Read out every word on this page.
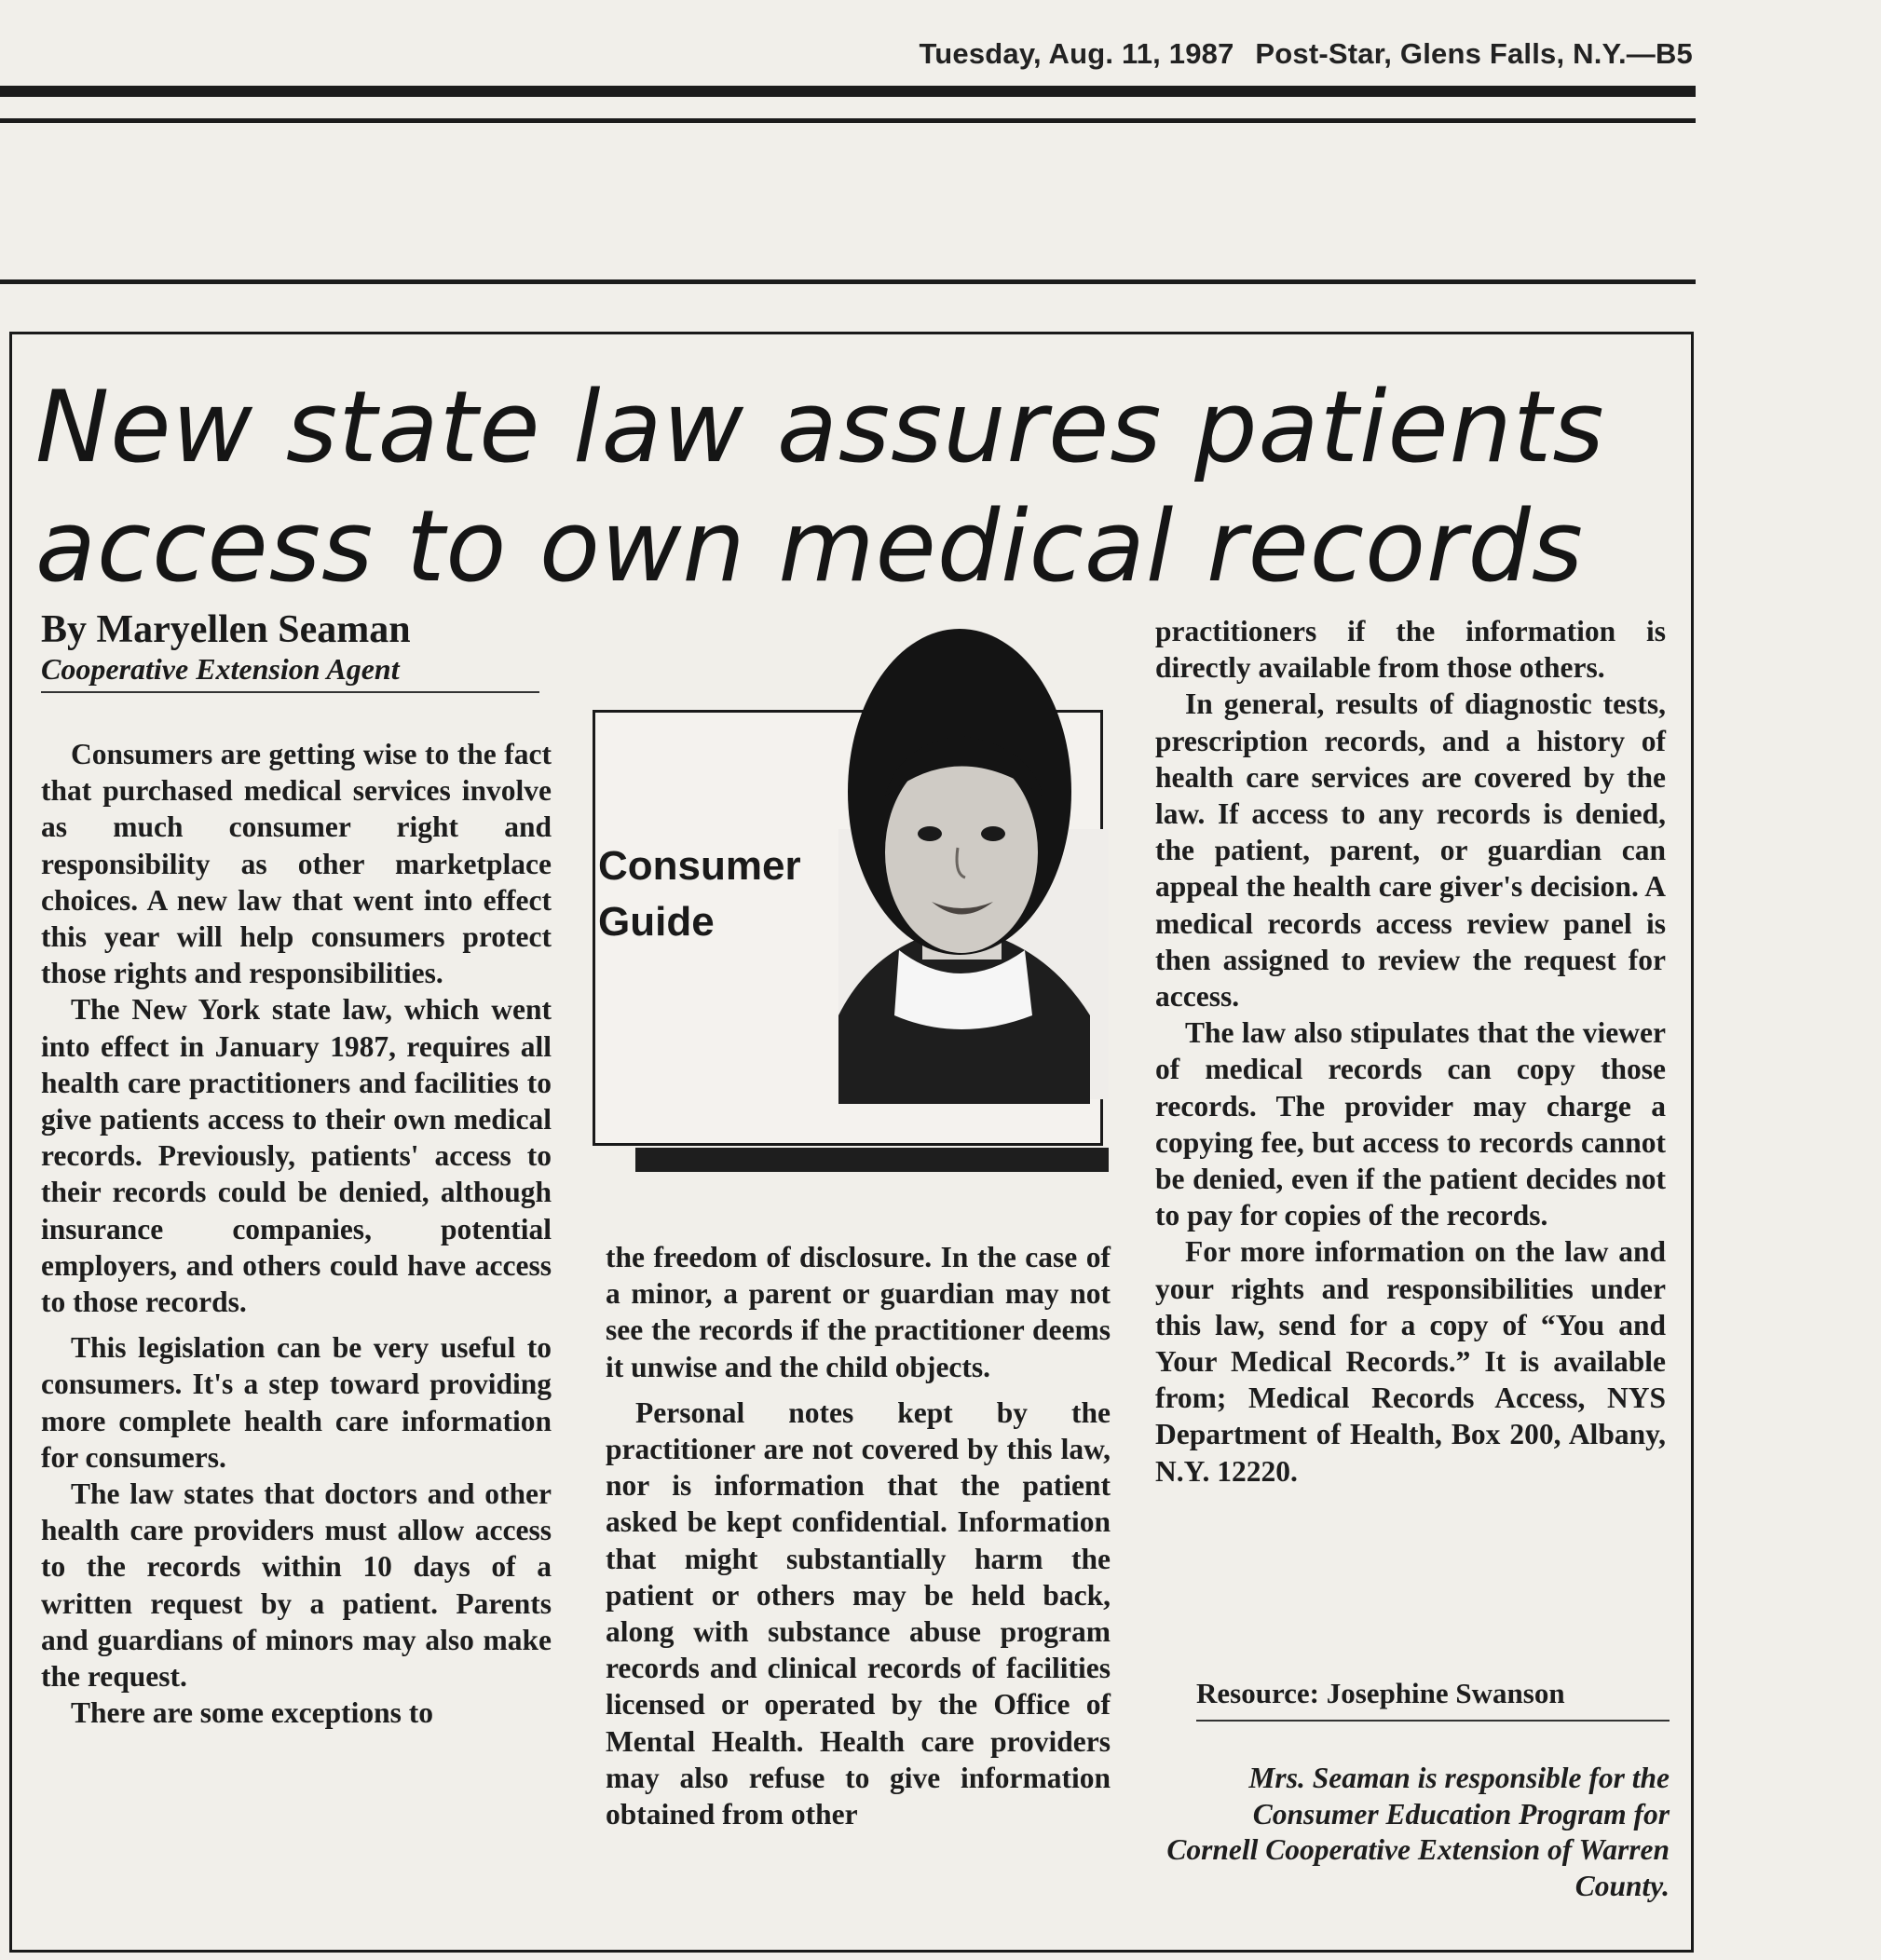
Tuesday, Aug. 11, 1987 Post-Star, Glens Falls, N.Y.—B5
New state law assures patients access to own medical records
By Maryellen Seaman
Cooperative Extension Agent

Consumers are getting wise to the fact that purchased medical services involve as much consumer right and responsibility as other marketplace choices. A new law that went into effect this year will help consumers protect those rights and responsibilities.

The New York state law, which went into effect in January 1987, requires all health care practitioners and facilities to give patients access to their own medical records. Previously, patients' access to their records could be denied, although insurance companies, potential employers, and others could have access to those records.

This legislation can be very useful to consumers. It's a step toward providing more complete health care information for consumers.

The law states that doctors and other health care providers must allow access to the records within 10 days of a written request by a patient. Parents and guardians of minors may also make the request.

There are some exceptions to

Consumer
Guide

the freedom of disclosure. In the case of a minor, a parent or guardian may not see the records if the practitioner deems it unwise and the child objects.

Personal notes kept by the practitioner are not covered by this law, nor is information that the patient asked be kept confidential. Information that might substantially harm the patient or others may be held back, along with substance abuse program records and clinical records of facilities licensed or operated by the Office of Mental Health. Health care providers may also refuse to give information obtained from other

practitioners if the information is directly available from those others.

In general, results of diagnostic tests, prescription records, and a history of health care services are covered by the law. If access to any records is denied, the patient, parent, or guardian can appeal the health care giver's decision. A medical records access review panel is then assigned to review the request for access.

The law also stipulates that the viewer of medical records can copy those records. The provider may charge a copying fee, but access to records cannot be denied, even if the patient decides not to pay for copies of the records.

For more information on the law and your rights and responsibilities under this law, send for a copy of “You and Your Medical Records.” It is available from; Medical Records Access, NYS Department of Health, Box 200, Albany, N.Y. 12220.

Resource: Josephine Swanson

Mrs. Seaman is responsible for the Consumer Education Program for Cornell Cooperative Extension of Warren County.
